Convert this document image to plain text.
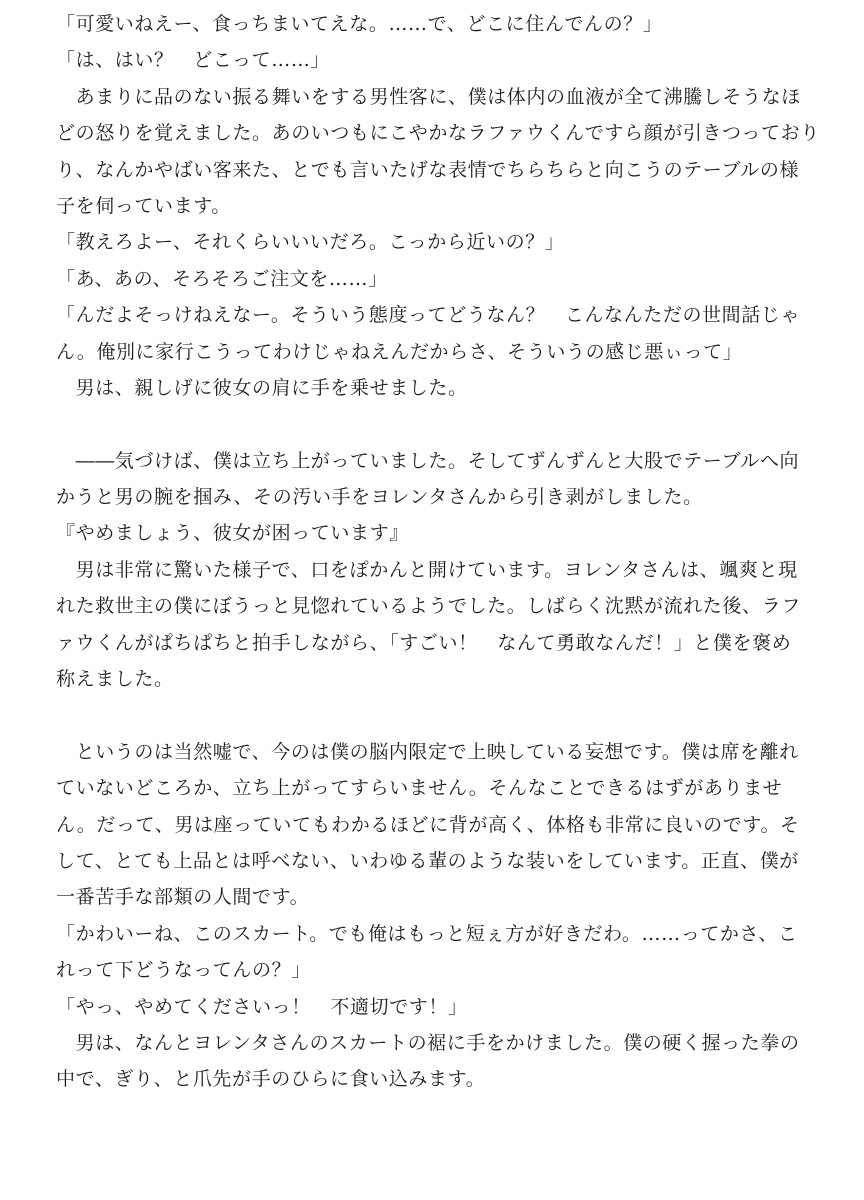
「可愛いねえー、食っちまいてえな。……で、どこに住んでんの？」
「は、はい？　どこって……」
　あまりに品のない振る舞いをする男性客に、僕は体内の血液が全て沸騰しそうなほ
どの怒りを覚えました。あのいつもにこやかなラファウくんですら顔が引きつっており
り、なんかやばい客来た、とでも言いたげな表情でちらちらと向こうのテーブルの様
子を伺っています。
「教えろよー、それくらいいいだろ。こっから近いの？」
「あ、あの、そろそろご注文を……」
「んだよそっけねえなー。そういう態度ってどうなん？　こんなんただの世間話じゃ
ん。俺別に家行こうってわけじゃねえんだからさ、そういうの感じ悪ぃって」
　男は、親しげに彼女の肩に手を乗せました。
　――気づけば、僕は立ち上がっていました。そしてずんずんと大股でテーブルへ向
かうと男の腕を掴み、その汚い手をヨレンタさんから引き剥がしました。
『やめましょう、彼女が困っています』
　男は非常に驚いた様子で、口をぽかんと開けています。ヨレンタさんは、颯爽と現
れた救世主の僕にぼうっと見惚れているようでした。しばらく沈黙が流れた後、ラフ
ァウくんがぱちぱちと拍手しながら、「すごい！　なんて勇敢なんだ！」と僕を褒め
称えました。
　というのは当然嘘で、今のは僕の脳内限定で上映している妄想です。僕は席を離れ
ていないどころか、立ち上がってすらいません。そんなことできるはずがありませ
ん。だって、男は座っていてもわかるほどに背が高く、体格も非常に良いのです。そ
して、とても上品とは呼べない、いわゆる輩のような装いをしています。正直、僕が
一番苦手な部類の人間です。
「かわいーね、このスカート。でも俺はもっと短ぇ方が好きだわ。……ってかさ、こ
れって下どうなってんの？」
「やっ、やめてくださいっ！　不適切です！」
　男は、なんとヨレンタさんのスカートの裾に手をかけました。僕の硬く握った拳の
中で、ぎり、と爪先が手のひらに食い込みます。
